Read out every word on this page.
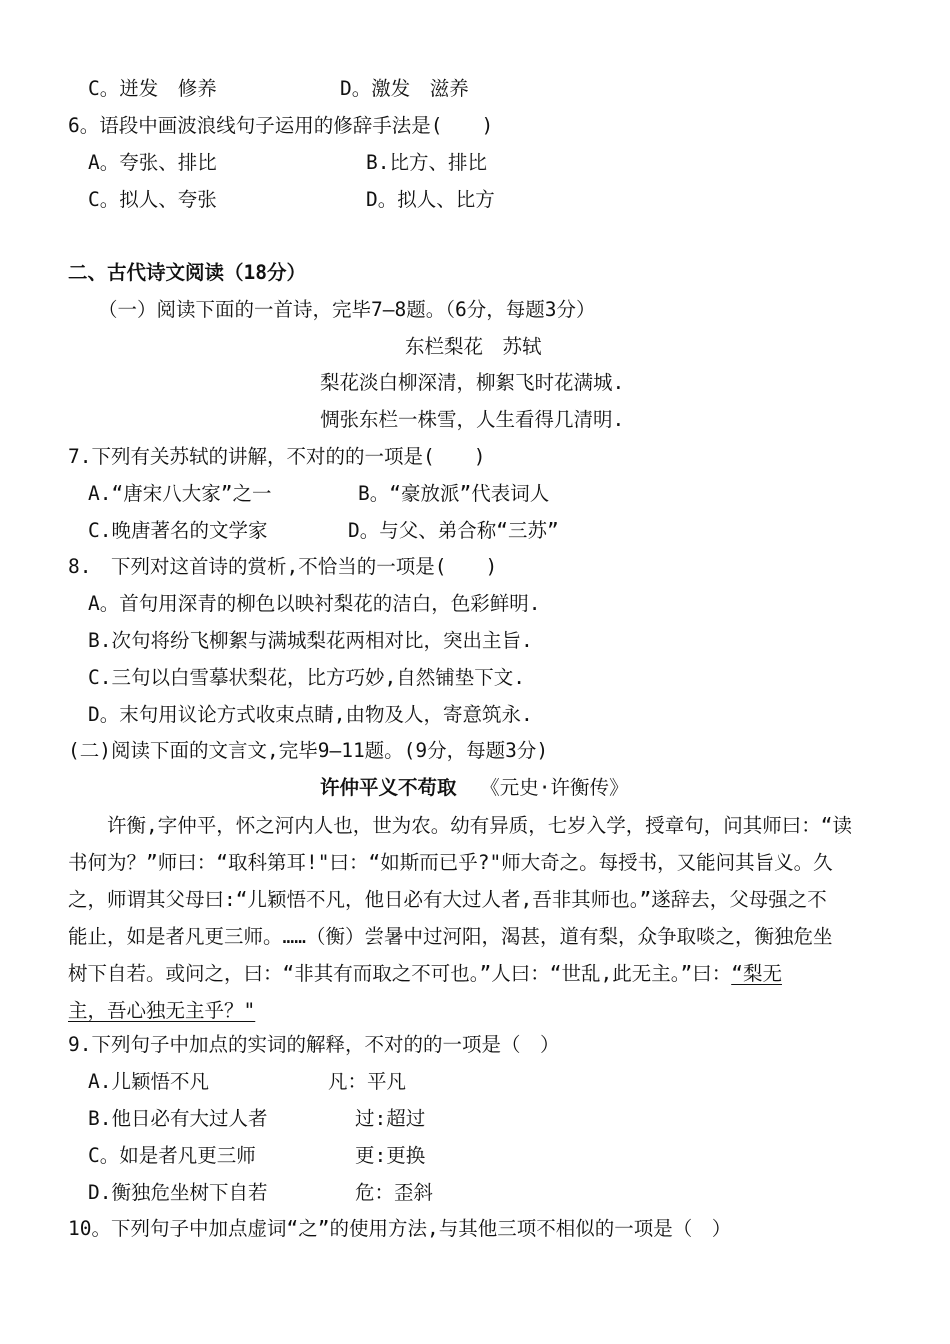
C。迸发　修养	D。激发　滋养
6。语段中画波浪线句子运用的修辞手法是(　　)
A。夸张、排比	B.比方、排比
C。拟人、夸张	D。拟人、比方
二、古代诗文阅读（18分）
（一）阅读下面的一首诗，完毕7—8题。（6分，每题3分）
东栏梨花　苏轼
梨花淡白柳深清，柳絮飞时花满城.
惆张东栏一株雪，人生看得几清明.
7.下列有关苏轼的讲解，不对的的一项是(　　)
A.“唐宋八大家”之一	B。“豪放派”代表词人
C.晚唐著名的文学家	D。与父、弟合称“三苏”
8.　下列对这首诗的赏析,不恰当的一项是(　　)
A。首句用深青的柳色以映衬梨花的洁白，色彩鲜明.
B.次句将纷飞柳絮与满城梨花两相对比，突出主旨.
C.三句以白雪摹状梨花，比方巧妙,自然铺垫下文.
D。末句用议论方式收束点睛,由物及人，寄意筑永.
(二)阅读下面的文言文,完毕9—11题。(9分，每题3分)
许仲平义不苟取 《元史·许衡传》
　　许衡,字仲平，怀之河内人也，世为农。幼有异质，七岁入学，授章句，问其师曰：“读
书何为？”师曰：“取科第耳!"曰：“如斯而已乎?"师大奇之。每授书，又能问其旨义。久
之，师谓其父母曰:“儿颖悟不凡，他日必有大过人者,吾非其师也。”遂辞去，父母强之不
能止，如是者凡更三师。……（衡）尝暑中过河阳，渴甚，道有梨，众争取啖之，衡独危坐
树下自若。或问之，曰：“非其有而取之不可也。”人曰：“世乱,此无主。”曰：“梨无
主，吾心独无主乎？"
9.下列句子中加点的实词的解释，不对的的一项是（　）
A.儿颖悟不凡	凡：平凡
B.他日必有大过人者	过:超过
C。如是者凡更三师	更:更换
D.衡独危坐树下自若	危：歪斜
10。下列句子中加点虚词“之”的使用方法,与其他三项不相似的一项是（　）
